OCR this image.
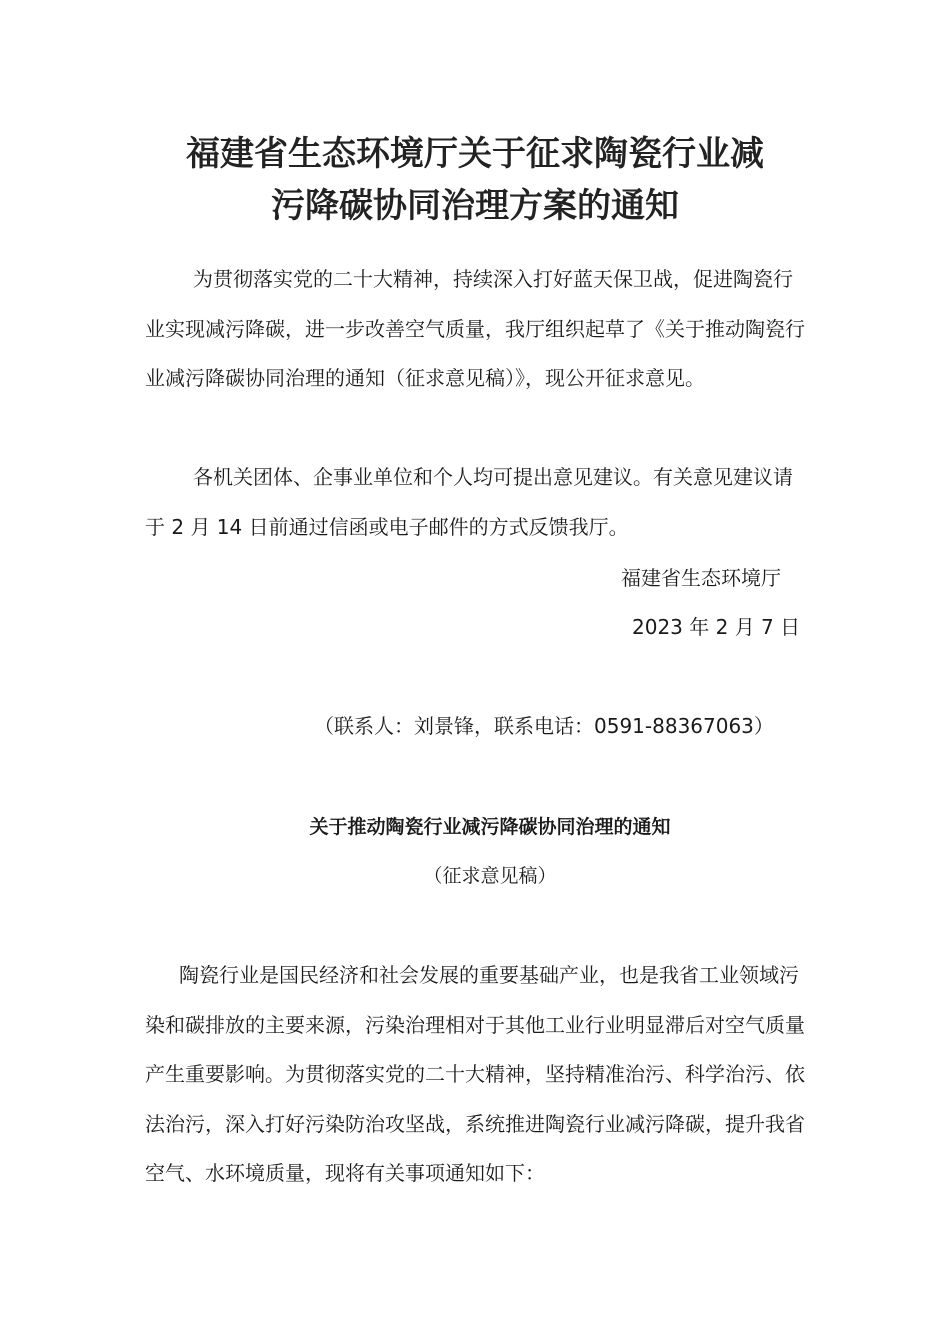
福建省生态环境厅关于征求陶瓷行业减
污降碳协同治理方案的通知

为贯彻落实党的二十大精神，持续深入打好蓝天保卫战，促进陶瓷行业实现减污降碳，进一步改善空气质量，我厅组织起草了《关于推动陶瓷行业减污降碳协同治理的通知（征求意见稿）》，现公开征求意见。

各机关团体、企事业单位和个人均可提出意见建议。有关意见建议请于 2 月 14 日前通过信函或电子邮件的方式反馈我厅。

福建省生态环境厅
2023 年 2 月 7 日
（联系人：刘景锋，联系电话：0591-88367063）
关于推动陶瓷行业减污降碳协同治理的通知
（征求意见稿）

陶瓷行业是国民经济和社会发展的重要基础产业，也是我省工业领域污染和碳排放的主要来源，污染治理相对于其他工业行业明显滞后对空气质量产生重要影响。为贯彻落实党的二十大精神，坚持精准治污、科学治污、依法治污，深入打好污染防治攻坚战，系统推进陶瓷行业减污降碳，提升我省空气、水环境质量，现将有关事项通知如下：
